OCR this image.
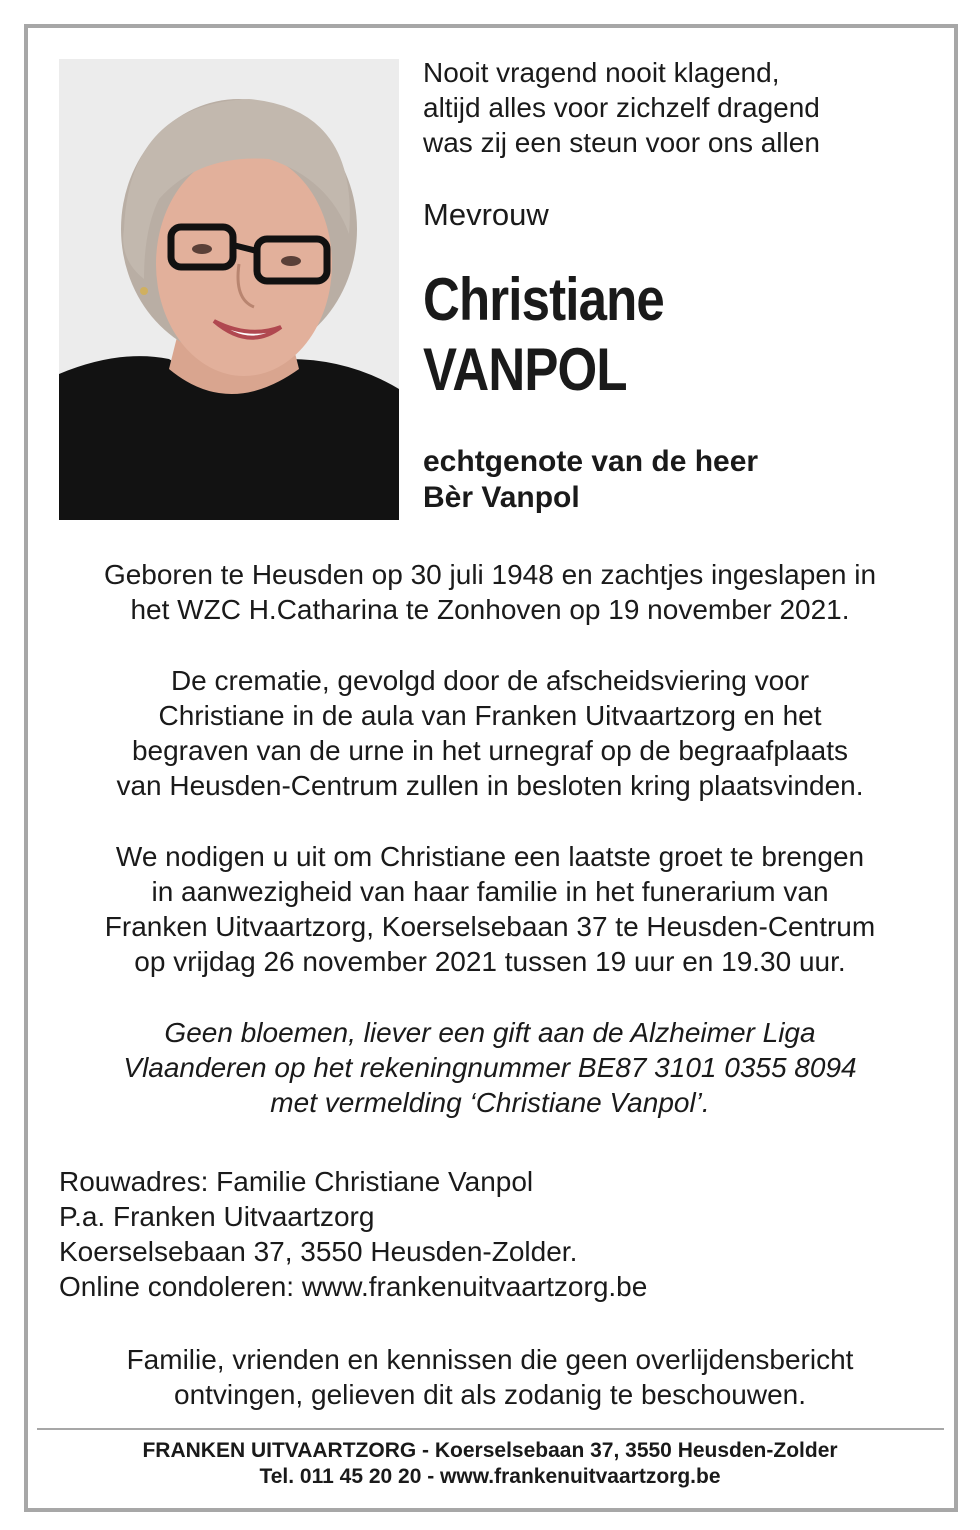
Nooit vragend nooit klagend,
altijd alles voor zichzelf dragend
was zij een steun voor ons allen
Mevrouw
Christiane
VANPOL
echtgenote van de heer
Bèr Vanpol
Geboren te Heusden op 30 juli 1948 en zachtjes ingeslapen in
het WZC H.Catharina te Zonhoven op 19 november 2021.
De crematie, gevolgd door de afscheidsviering voor
Christiane in de aula van Franken Uitvaartzorg en het
begraven van de urne in het urnegraf op de begraafplaats
van Heusden-Centrum zullen in besloten kring plaatsvinden.
We nodigen u uit om Christiane een laatste groet te brengen
in aanwezigheid van haar familie in het funerarium van
Franken Uitvaartzorg, Koerselsebaan 37 te Heusden-Centrum
op vrijdag 26 november 2021 tussen 19 uur en 19.30 uur.
Geen bloemen, liever een gift aan de Alzheimer Liga
Vlaanderen op het rekeningnummer BE87 3101 0355 8094
met vermelding ‘Christiane Vanpol’.
Rouwadres: Familie Christiane Vanpol
P.a. Franken Uitvaartzorg
Koerselsebaan 37, 3550 Heusden-Zolder.
Online condoleren: www.frankenuitvaartzorg.be
Familie, vrienden en kennissen die geen overlijdensbericht
ontvingen, gelieven dit als zodanig te beschouwen.
FRANKEN UITVAARTZORG - Koerselsebaan 37, 3550 Heusden-Zolder
Tel. 011 45 20 20 - www.frankenuitvaartzorg.be
